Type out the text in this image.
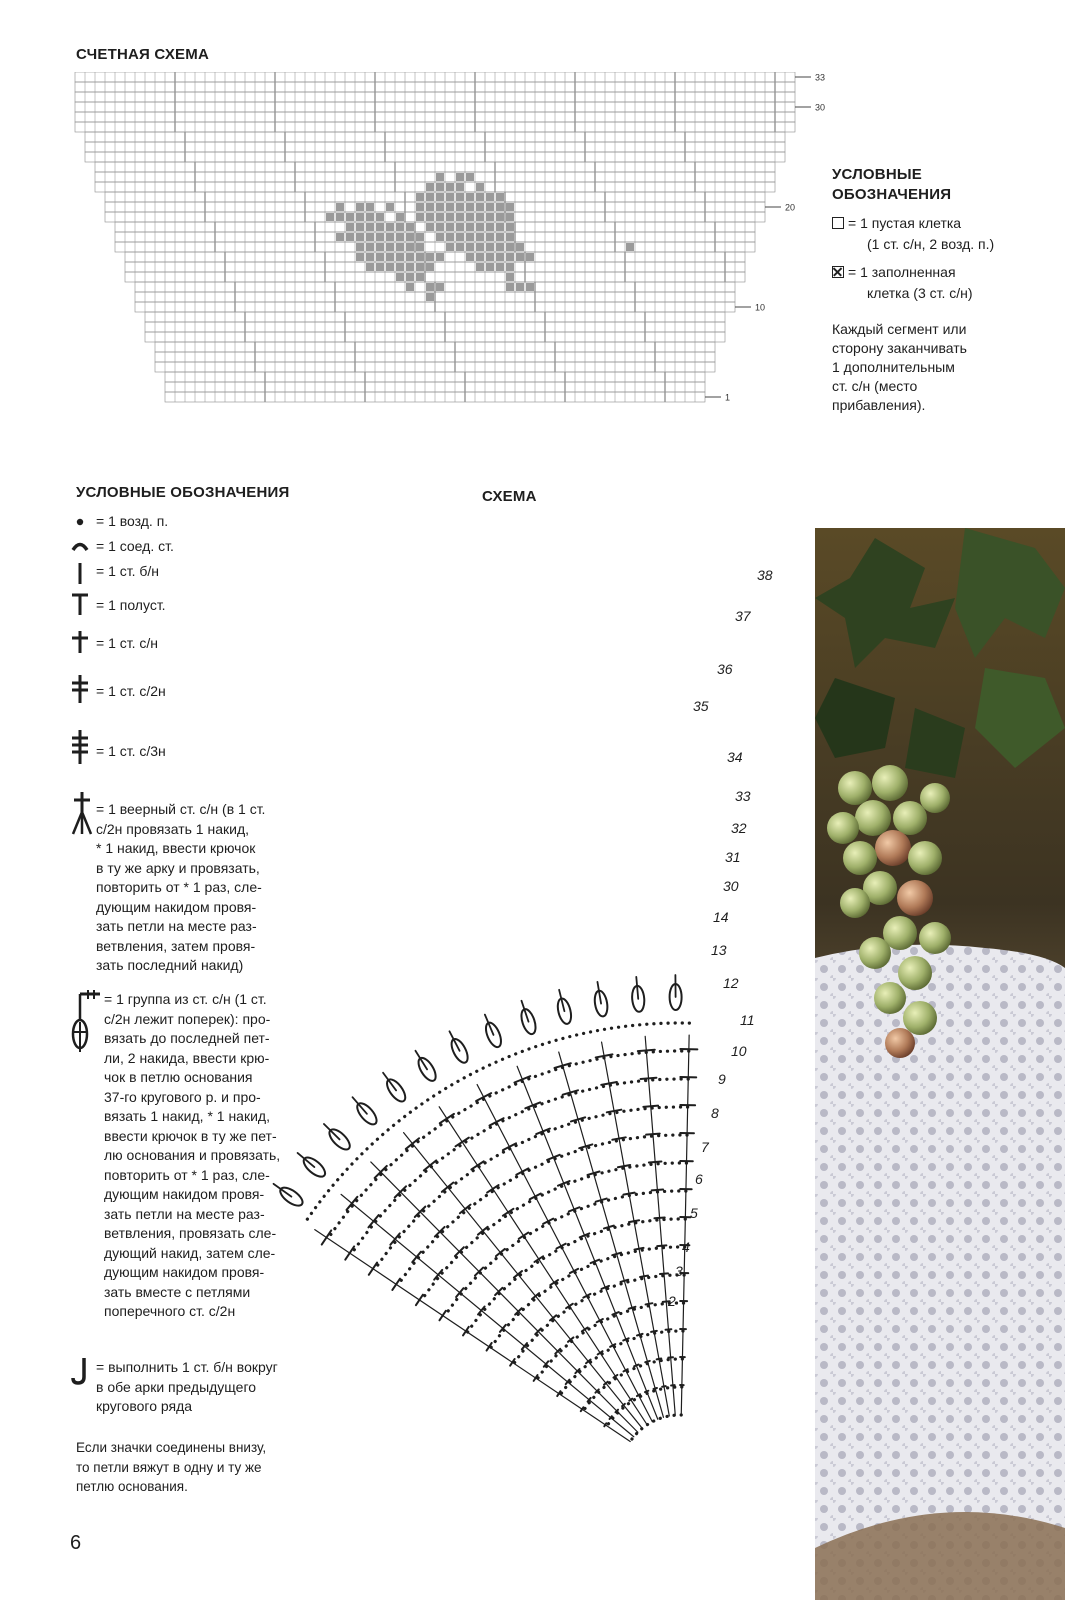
СЧЕТНАЯ СХЕМА
33
30
20
10
1
УСЛОВНЫЕ
ОБОЗНАЧЕНИЯ
= 1 пустая клетка
(1 ст. с/н, 2 возд. п.)
= 1 заполненная
клетка (3 ст. с/н)
Каждый сегмент или
сторону заканчивать
1 дополнительным
ст. с/н (место
прибавления).
УСЛОВНЫЕ ОБОЗНАЧЕНИЯ
= 1 возд. п.
= 1 соед. ст.
= 1 ст. б/н
= 1 полуст.
= 1 ст. с/н
= 1 ст. с/2н
= 1 ст. с/3н
= 1 веерный ст. с/н (в 1 ст.
с/2н провязать 1 накид,
* 1 накид, ввести крючок
в ту же арку и провязать,
повторить от * 1 раз, сле-
дующим накидом провя-
зать петли на месте раз-
ветвления, затем провя-
зать последний накид)
= 1 группа из ст. с/н (1 ст.
с/2н лежит поперек): про-
вязать до последней пет-
ли, 2 накида, ввести крю-
чок в петлю основания
37-го кругового р. и про-
вязать 1 накид, * 1 накид,
ввести крючок в ту же пет-
лю основания и провязать,
повторить от * 1 раз, сле-
дующим накидом провя-
зать петли на месте раз-
ветвления, провязать сле-
дующий накид, затем сле-
дующим накидом провя-
зать вместе с петлями
поперечного ст. с/2н
= выполнить 1 ст. б/н вокруг
в обе арки предыдущего
кругового ряда
Если значки соединены внизу,
то петли вяжут в одну и ту же
петлю основания.
СХЕМА
38
37
36
35
34
33
32
31
30
14
13
12
11
10
9
8
7
6
5
4
3
2
6
